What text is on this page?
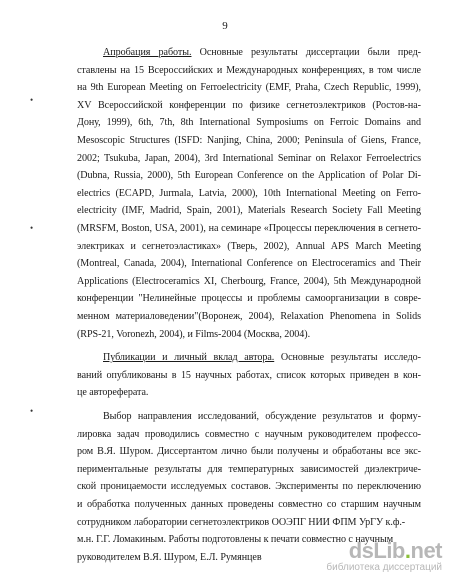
9
•
•
•
Апробация работы. Основные результаты диссертации были пред-
ставлены на 15 Всероссийских и Международных конференциях, в том числе
на 9th European Meeting on Ferroelectricity (EMF, Praha, Czech Republic, 1999),
XV Всероссийской конференции по физике сегнетоэлектриков (Ростов-на-
Дону, 1999), 6th, 7th, 8th International Symposiums on Ferroic Domains and
Mesoscopic Structures (ISFD: Nanjing, China, 2000; Peninsula of Giens, France,
2002; Tsukuba, Japan, 2004), 3rd International Seminar on Relaxor Ferroelectrics
(Dubna, Russia, 2000), 5th European Conference on the Application of Polar Di-
electrics (ECAPD, Jurmala, Latvia, 2000), 10th International Meeting on Ferro-
electricity (IMF, Madrid, Spain, 2001), Materials Research Society Fall Meeting
(MRSFM, Boston, USA, 2001), на семинаре «Процессы переключения в сегнето-
электриках и сегнетоэластиках» (Тверь, 2002), Annual APS March Meeting
(Montreal, Canada, 2004), International Conference on Electroceramics and Their
Applications (Electroceramics XI, Cherbourg, France, 2004), 5th Международной
конференции "Нелинейные процессы и проблемы самоорганизации в совре-
менном материаловедении"(Воронеж, 2004), Relaxation Phenomena in Solids
(RPS-21, Voronezh, 2004), и Films-2004 (Москва, 2004).
Публикации и личный вклад автора. Основные результаты исследо-
ваний опубликованы в 15 научных работах, список которых приведен в кон-
це автореферата.
Выбор направления исследований, обсуждение результатов и форму-
лировка задач проводились совместно с научным руководителем профессо-
ром В.Я. Шуром. Диссертантом лично были получены и обработаны все экс-
периментальные результаты для температурных зависимостей диэлектриче-
ской проницаемости исследуемых составов. Эксперименты по переключению
и обработка полученных данных проведены совместно со старшим научным
сотрудником лаборатории сегнетоэлектриков ООЭПГ НИИ ФПМ УрГУ к.ф.-
м.н. Г.Г. Ломакиным. Работы подготовлены к печати совместно с научным
руководителем В.Я. Шуром, Е.Л. Румянцев	dsLib.net
библиотека диссертаций
